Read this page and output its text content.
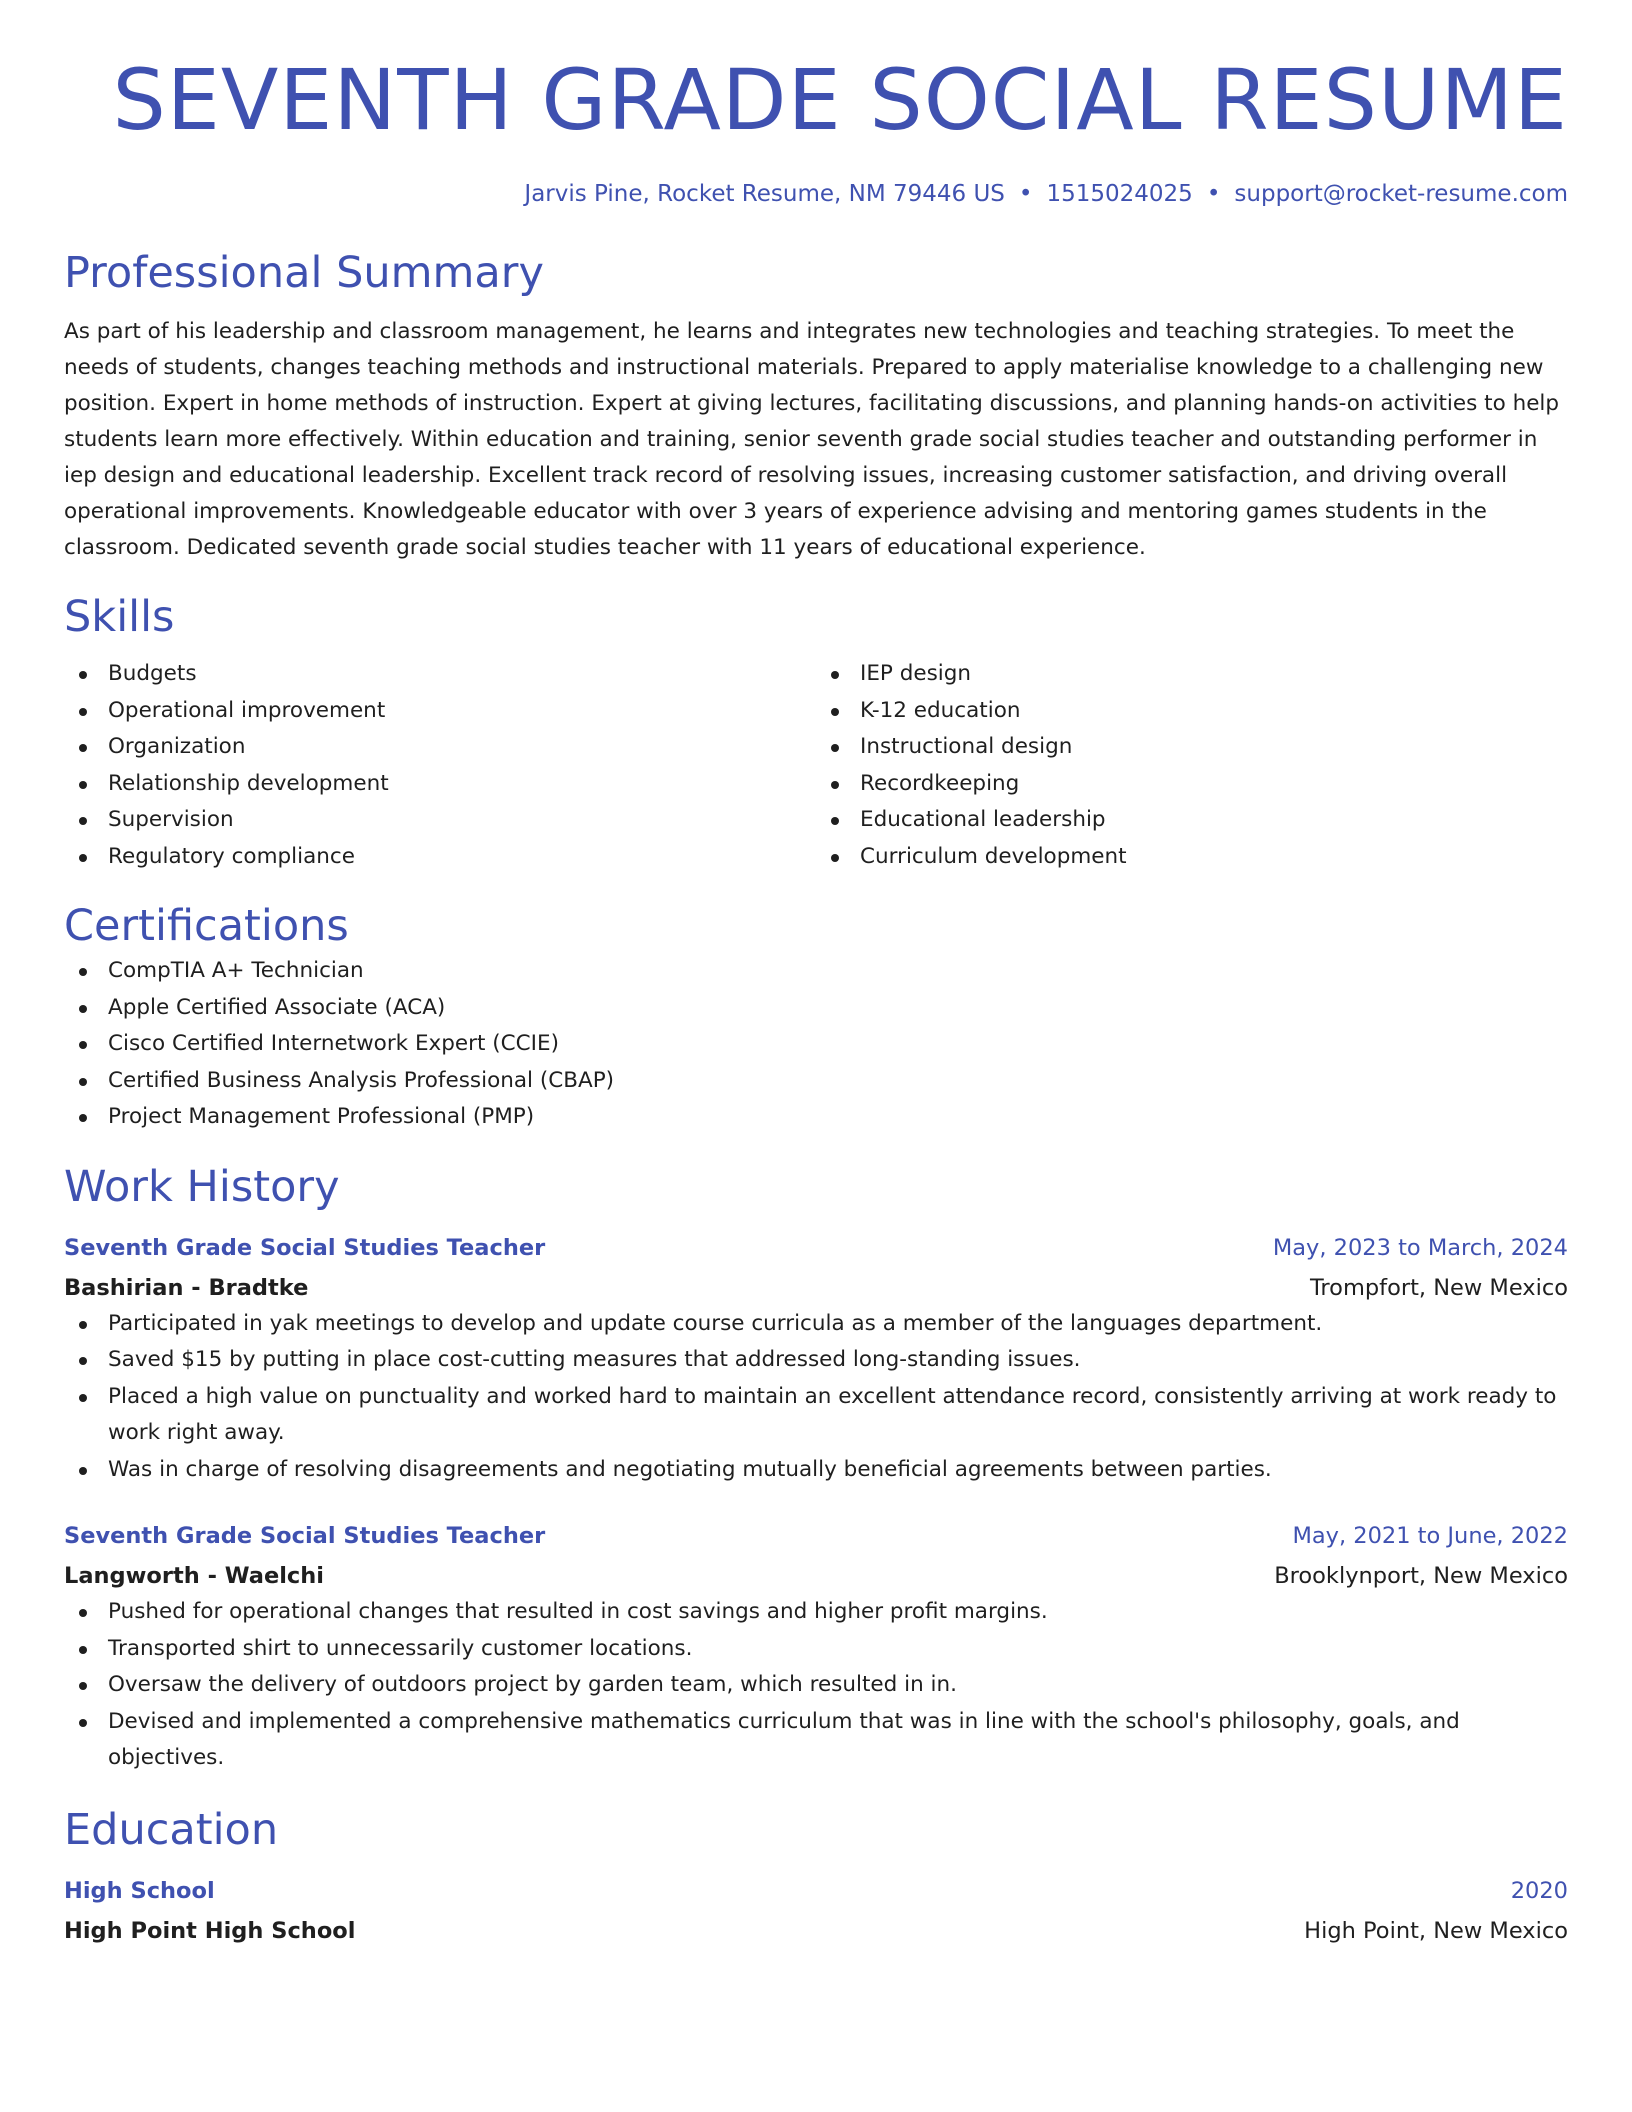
SEVENTH GRADE SOCIAL RESUME
Jarvis Pine, Rocket Resume, NM 79446 US • 1515024025 • support@rocket-resume.com
Professional Summary

As part of his leadership and classroom management, he learns and integrates new technologies and teaching strategies. To meet the needs of students, changes teaching methods and instructional materials. Prepared to apply materialise knowledge to a challenging new position. Expert in home methods of instruction. Expert at giving lectures, facilitating discussions, and planning hands-on activities to help students learn more effectively. Within education and training, senior seventh grade social studies teacher and outstanding performer in iep design and educational leadership. Excellent track record of resolving issues, increasing customer satisfaction, and driving overall operational improvements. Knowledgeable educator with over 3 years of experience advising and mentoring games students in the classroom. Dedicated seventh grade social studies teacher with 11 years of educational experience.

Skills
Budgets
Operational improvement
Organization
Relationship development
Supervision
Regulatory compliance
IEP design
K-12 education
Instructional design
Recordkeeping
Educational leadership
Curriculum development
Certifications
CompTIA A+ Technician
Apple Certified Associate (ACA)
Cisco Certified Internetwork Expert (CCIE)
Certified Business Analysis Professional (CBAP)
Project Management Professional (PMP)
Work History
Seventh Grade Social Studies Teacher	May, 2023 to March, 2024
Bashirian - Bradtke	Trompfort, New Mexico
Participated in yak meetings to develop and update course curricula as a member of the languages department.
Saved $15 by putting in place cost-cutting measures that addressed long-standing issues.
Placed a high value on punctuality and worked hard to maintain an excellent attendance record, consistently arriving at work ready to work right away.
Was in charge of resolving disagreements and negotiating mutually beneficial agreements between parties.
Seventh Grade Social Studies Teacher	May, 2021 to June, 2022
Langworth - Waelchi	Brooklynport, New Mexico
Pushed for operational changes that resulted in cost savings and higher profit margins.
Transported shirt to unnecessarily customer locations.
Oversaw the delivery of outdoors project by garden team, which resulted in in.
Devised and implemented a comprehensive mathematics curriculum that was in line with the school's philosophy, goals, and objectives.
Education
High School	2020
High Point High School	High Point, New Mexico
